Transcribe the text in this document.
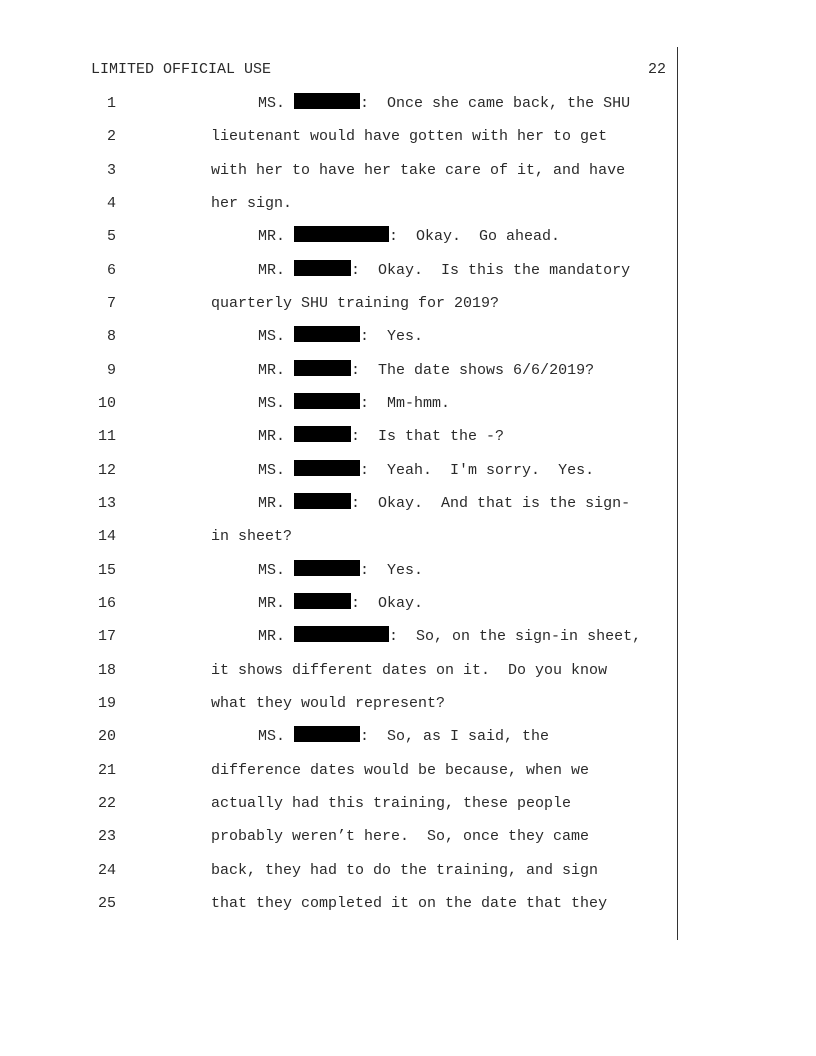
LIMITED OFFICIAL USE	22
1	MS.	:  Once she came back, the SHU
2	lieutenant would have gotten with her to get
3	with her to have her take care of it, and have
4	her sign.
5	MR.	:  Okay.  Go ahead.
6	MR.	:  Okay.  Is this the mandatory
7	quarterly SHU training for 2019?
8	MS.	:  Yes.
9	MR.	:  The date shows 6/6/2019?
10	MS.	:  Mm-hmm.
11	MR.	:  Is that the -?
12	MS.	:  Yeah.  I'm sorry.  Yes.
13	MR.	:  Okay.  And that is the sign-
14	in sheet?
15	MS.	:  Yes.
16	MR.	:  Okay.
17	MR.	:  So, on the sign-in sheet,
18	it shows different dates on it.  Do you know
19	what they would represent?
20	MS.	:  So, as I said, the
21	difference dates would be because, when we
22	actually had this training, these people
23	probably weren’t here.  So, once they came
24	back, they had to do the training, and sign
25	that they completed it on the date that they
